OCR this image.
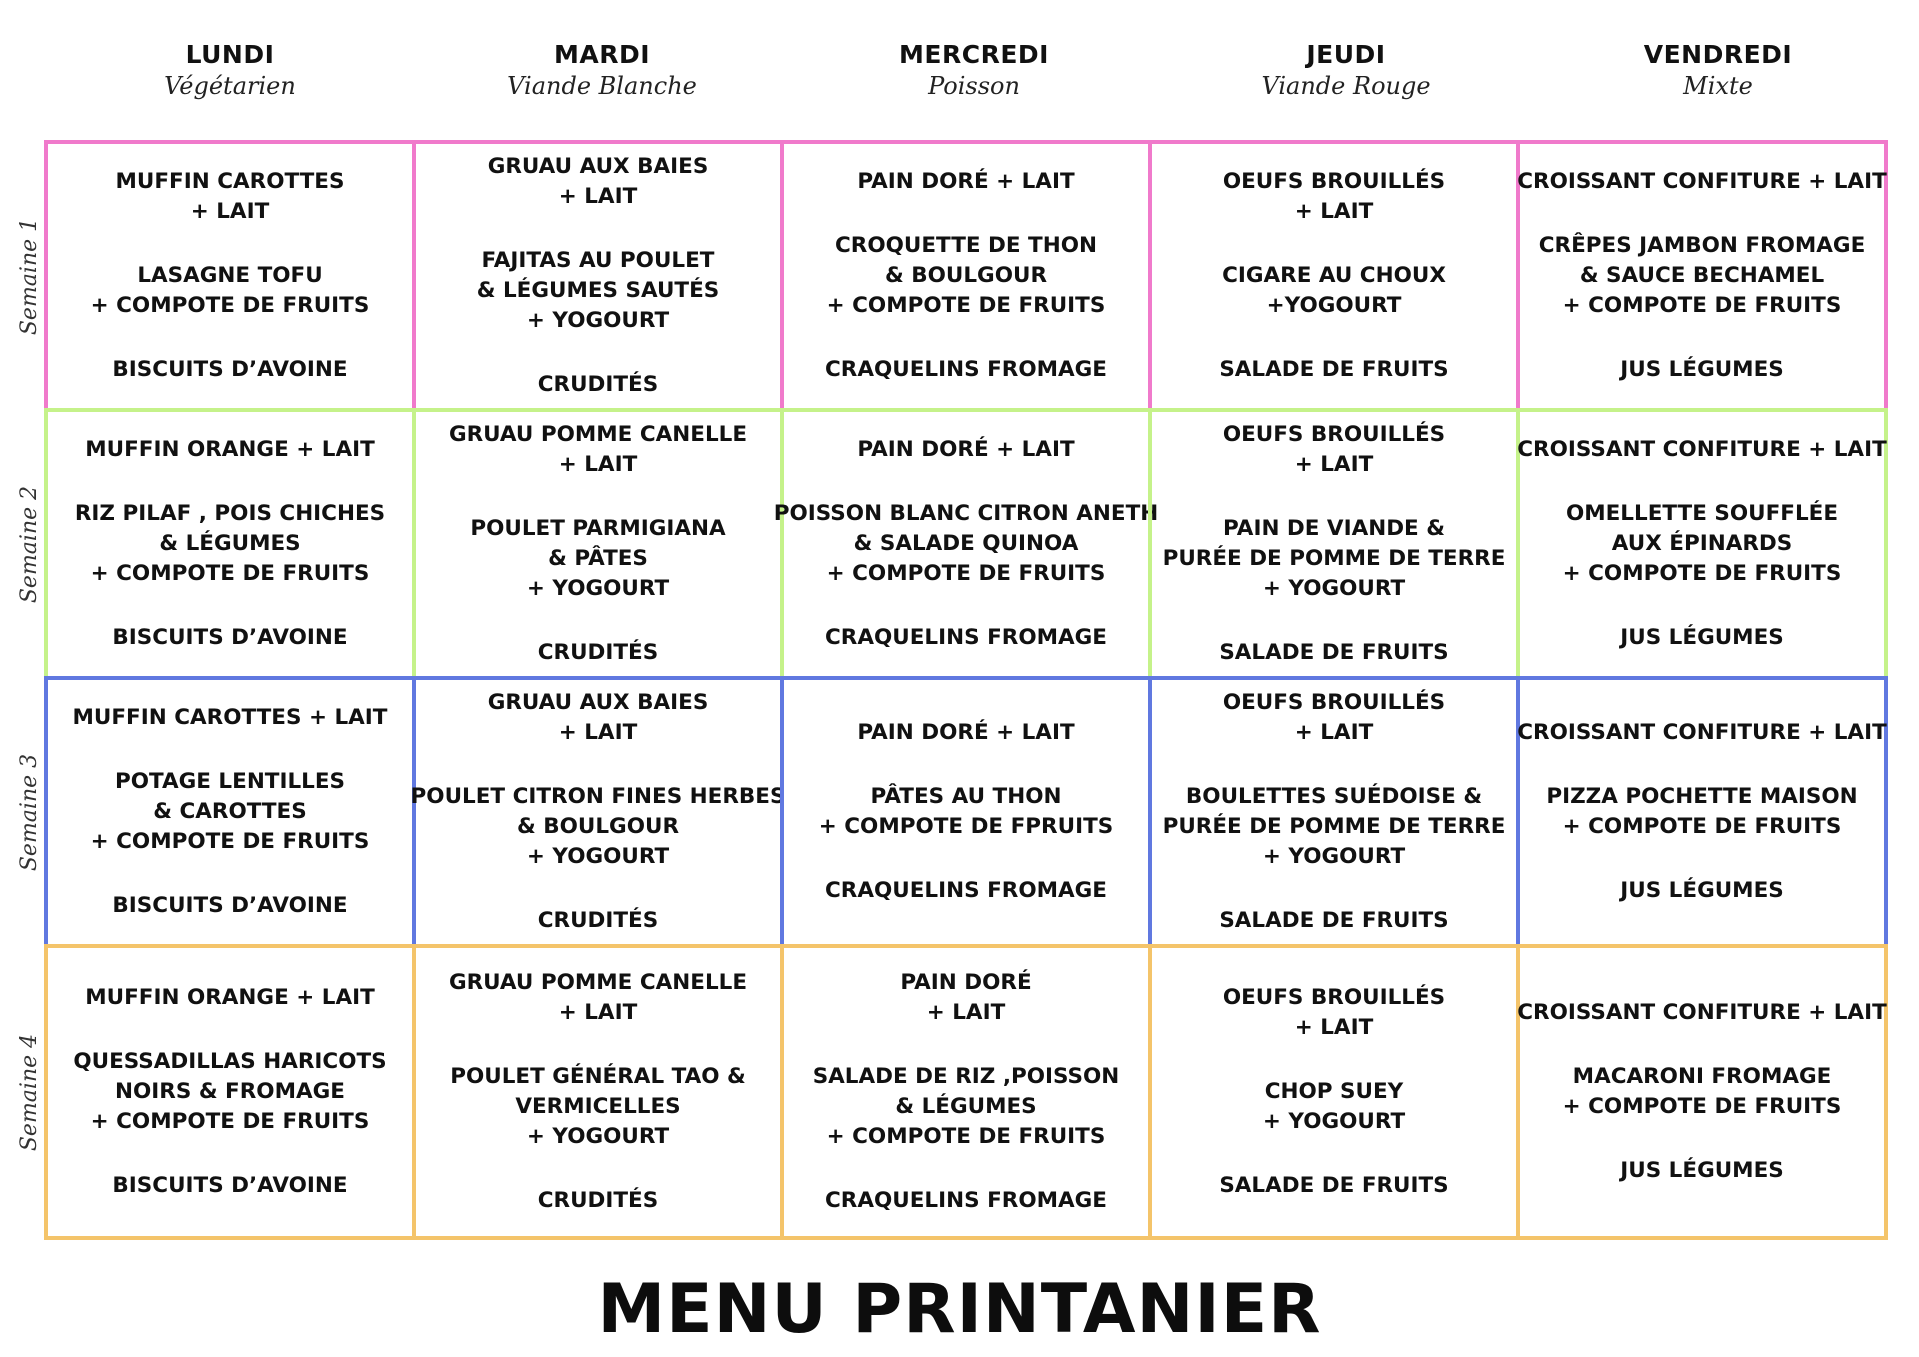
LUNDI
Végétarien
MARDI
Viande Blanche
MERCREDI
Poisson
JEUDI
Viande Rouge
VENDREDI
Mixte
Semaine 1
Semaine 2
Semaine 3
Semaine 4
MUFFIN CAROTTES
+ LAIT
LASAGNE TOFU
+ COMPOTE DE FRUITS
BISCUITS D’AVOINE
GRUAU AUX BAIES
+ LAIT
FAJITAS AU POULET
& LÉGUMES SAUTÉS
+ YOGOURT
CRUDITÉS
PAIN DORÉ + LAIT
CROQUETTE DE THON
& BOULGOUR
+ COMPOTE DE FRUITS
CRAQUELINS FROMAGE
OEUFS BROUILLÉS
+ LAIT
CIGARE AU CHOUX
+YOGOURT
SALADE DE FRUITS
CROISSANT CONFITURE + LAIT
CRÊPES JAMBON FROMAGE
& SAUCE BECHAMEL
+ COMPOTE DE FRUITS
JUS LÉGUMES
MUFFIN ORANGE + LAIT
RIZ PILAF , POIS CHICHES
& LÉGUMES
+ COMPOTE DE FRUITS
BISCUITS D’AVOINE
GRUAU POMME CANELLE
+ LAIT
POULET PARMIGIANA
& PÂTES
+ YOGOURT
CRUDITÉS
PAIN DORÉ + LAIT
POISSON BLANC CITRON ANETH
& SALADE QUINOA
+ COMPOTE DE FRUITS
CRAQUELINS FROMAGE
OEUFS BROUILLÉS
+ LAIT
PAIN DE VIANDE &
PURÉE DE POMME DE TERRE
+ YOGOURT
SALADE DE FRUITS
CROISSANT CONFITURE + LAIT
OMELLETTE SOUFFLÉE
AUX ÉPINARDS
+ COMPOTE DE FRUITS
JUS LÉGUMES
MUFFIN CAROTTES + LAIT
POTAGE LENTILLES
& CAROTTES
+ COMPOTE DE FRUITS
BISCUITS D’AVOINE
GRUAU AUX BAIES
+ LAIT
POULET CITRON FINES HERBES
& BOULGOUR
+ YOGOURT
CRUDITÉS
PAIN DORÉ + LAIT
PÂTES AU THON
+ COMPOTE DE FPRUITS
CRAQUELINS FROMAGE
OEUFS BROUILLÉS
+ LAIT
BOULETTES SUÉDOISE &
PURÉE DE POMME DE TERRE
+ YOGOURT
SALADE DE FRUITS
CROISSANT CONFITURE + LAIT
PIZZA POCHETTE MAISON
+ COMPOTE DE FRUITS
JUS LÉGUMES
MUFFIN ORANGE + LAIT
QUESSADILLAS HARICOTS
NOIRS & FROMAGE
+ COMPOTE DE FRUITS
BISCUITS D’AVOINE
GRUAU POMME CANELLE
+ LAIT
POULET GÉNÉRAL TAO &
VERMICELLES
+ YOGOURT
CRUDITÉS
PAIN DORÉ
+ LAIT
SALADE DE RIZ ,POISSON
& LÉGUMES
+ COMPOTE DE FRUITS
CRAQUELINS FROMAGE
OEUFS BROUILLÉS
+ LAIT
CHOP SUEY
+ YOGOURT
SALADE DE FRUITS
CROISSANT CONFITURE + LAIT
MACARONI FROMAGE
+ COMPOTE DE FRUITS
JUS LÉGUMES
MENU PRINTANIER
